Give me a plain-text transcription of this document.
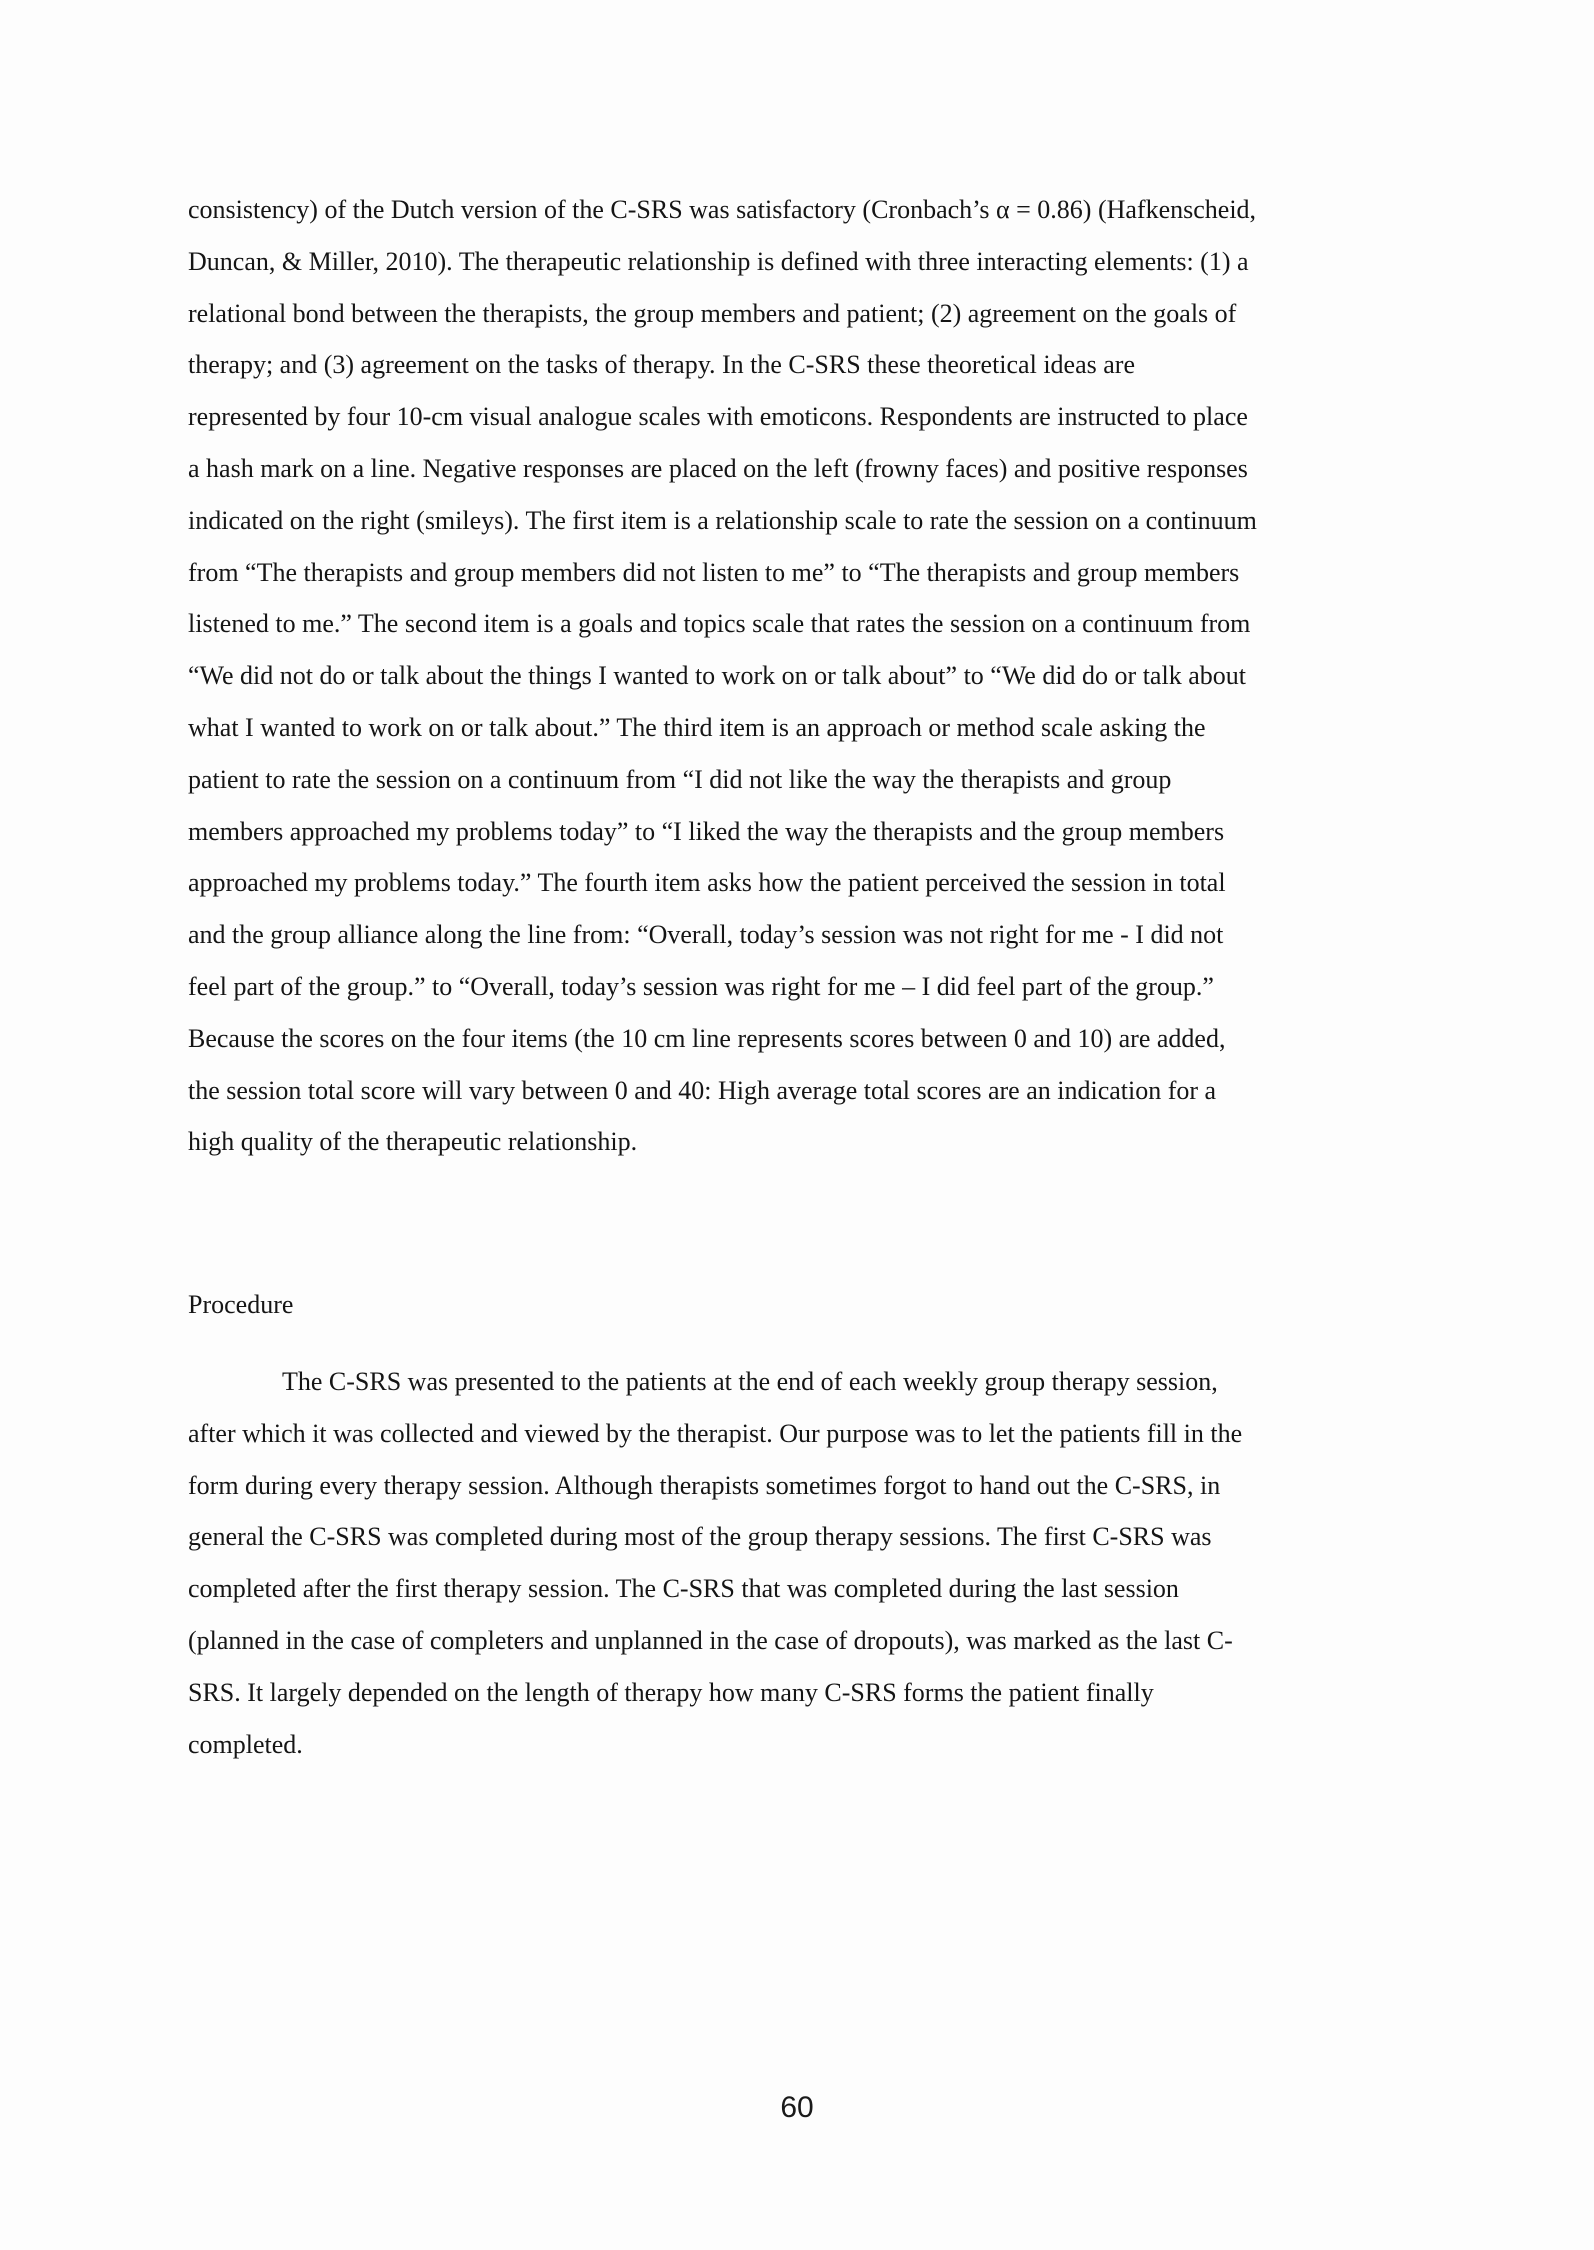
consistency) of the Dutch version of the C-SRS was satisfactory (Cronbach’s α = 0.86) (Hafkenscheid,
Duncan, & Miller, 2010). The therapeutic relationship is defined with three interacting elements: (1) a
relational bond between the therapists, the group members and patient; (2) agreement on the goals of
therapy; and (3) agreement on the tasks of therapy. In the C-SRS these theoretical ideas are
represented by four 10-cm visual analogue scales with emoticons. Respondents are instructed to place
a hash mark on a line. Negative responses are placed on the left (frowny faces) and positive responses
indicated on the right (smileys). The first item is a relationship scale to rate the session on a continuum
from “The therapists and group members did not listen to me” to “The therapists and group members
listened to me.” The second item is a goals and topics scale that rates the session on a continuum from
“We did not do or talk about the things I wanted to work on or talk about” to “We did do or talk about
what I wanted to work on or talk about.” The third item is an approach or method scale asking the
patient to rate the session on a continuum from “I did not like the way the therapists and group
members approached my problems today” to “I liked the way the therapists and the group members
approached my problems today.” The fourth item asks how the patient perceived the session in total
and the group alliance along the line from: “Overall, today’s session was not right for me - I did not
feel part of the group.” to “Overall, today’s session was right for me – I did feel part of the group.”
Because the scores on the four items (the 10 cm line represents scores between 0 and 10) are added,
the session total score will vary between 0 and 40: High average total scores are an indication for a
high quality of the therapeutic relationship.
Procedure
The C-SRS was presented to the patients at the end of each weekly group therapy session,
after which it was collected and viewed by the therapist. Our purpose was to let the patients fill in the
form during every therapy session. Although therapists sometimes forgot to hand out the C-SRS, in
general the C-SRS was completed during most of the group therapy sessions. The first C-SRS was
completed after the first therapy session. The C-SRS that was completed during the last session
(planned in the case of completers and unplanned in the case of dropouts), was marked as the last C-
SRS. It largely depended on the length of therapy how many C-SRS forms the patient finally
completed.
60
